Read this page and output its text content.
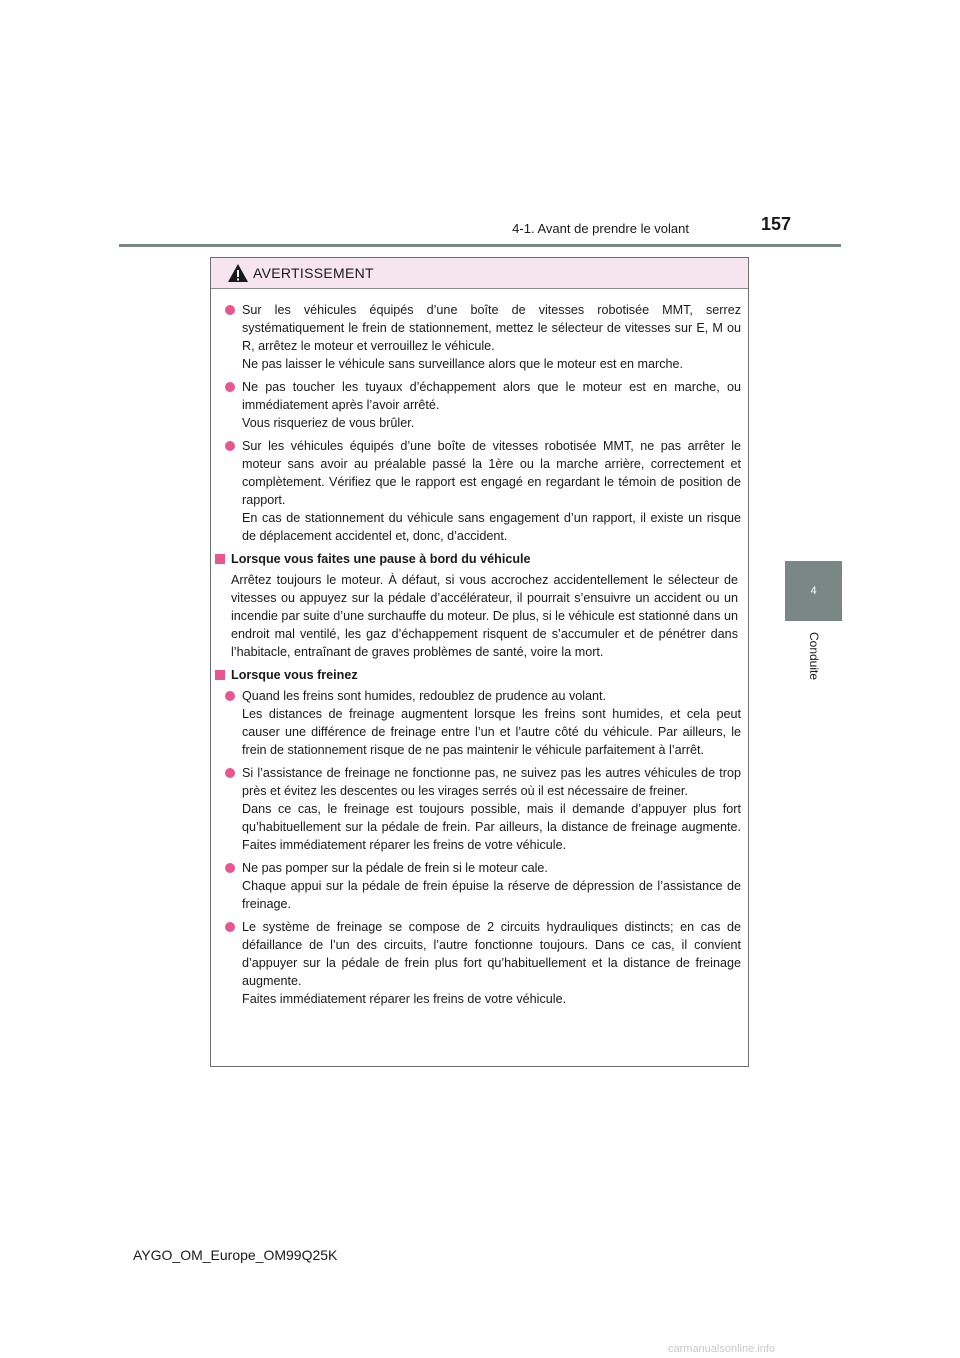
4-1. Avant de prendre le volant	157
4
Conduite
AVERTISSEMENT
Sur les véhicules équipés d’une boîte de vitesses robotisée MMT, serrez systématiquement le frein de stationnement, mettez le sélecteur de vitesses sur E, M ou R, arrêtez le moteur et verrouillez le véhicule.
Ne pas laisser le véhicule sans surveillance alors que le moteur est en marche.
Ne pas toucher les tuyaux d’échappement alors que le moteur est en marche, ou immédiatement après l’avoir arrêté.
Vous risqueriez de vous brûler.
Sur les véhicules équipés d’une boîte de vitesses robotisée MMT, ne pas arrêter le moteur sans avoir au préalable passé la 1ère ou la marche arrière, correctement et complètement. Vérifiez que le rapport est engagé en regardant le témoin de position de rapport.
En cas de stationnement du véhicule sans engagement d’un rapport, il existe un risque de déplacement accidentel et, donc, d’accident.
Lorsque vous faites une pause à bord du véhicule
Arrêtez toujours le moteur. À défaut, si vous accrochez accidentellement le sélecteur de vitesses ou appuyez sur la pédale d’accélérateur, il pourrait s’ensuivre un accident ou un incendie par suite d’une surchauffe du moteur. De plus, si le véhicule est stationné dans un endroit mal ventilé, les gaz d’échappement risquent de s’accumuler et de pénétrer dans l’habitacle, entraînant de graves problèmes de santé, voire la mort.
Lorsque vous freinez
Quand les freins sont humides, redoublez de prudence au volant.
Les distances de freinage augmentent lorsque les freins sont humides, et cela peut causer une différence de freinage entre l’un et l’autre côté du véhicule. Par ailleurs, le frein de stationnement risque de ne pas maintenir le véhicule parfaitement à l’arrêt.
Si l’assistance de freinage ne fonctionne pas, ne suivez pas les autres véhicules de trop près et évitez les descentes ou les virages serrés où il est nécessaire de freiner.
Dans ce cas, le freinage est toujours possible, mais il demande d’appuyer plus fort qu’habituellement sur la pédale de frein. Par ailleurs, la distance de freinage augmente. Faites immédiatement réparer les freins de votre véhicule.
Ne pas pomper sur la pédale de frein si le moteur cale.
Chaque appui sur la pédale de frein épuise la réserve de dépression de l’assistance de freinage.
Le système de freinage se compose de 2 circuits hydrauliques distincts; en cas de défaillance de l’un des circuits, l’autre fonctionne toujours. Dans ce cas, il convient d’appuyer sur la pédale de frein plus fort qu’habituellement et la distance de freinage augmente.
Faites immédiatement réparer les freins de votre véhicule.
AYGO_OM_Europe_OM99Q25K
carmanualsonline.info
